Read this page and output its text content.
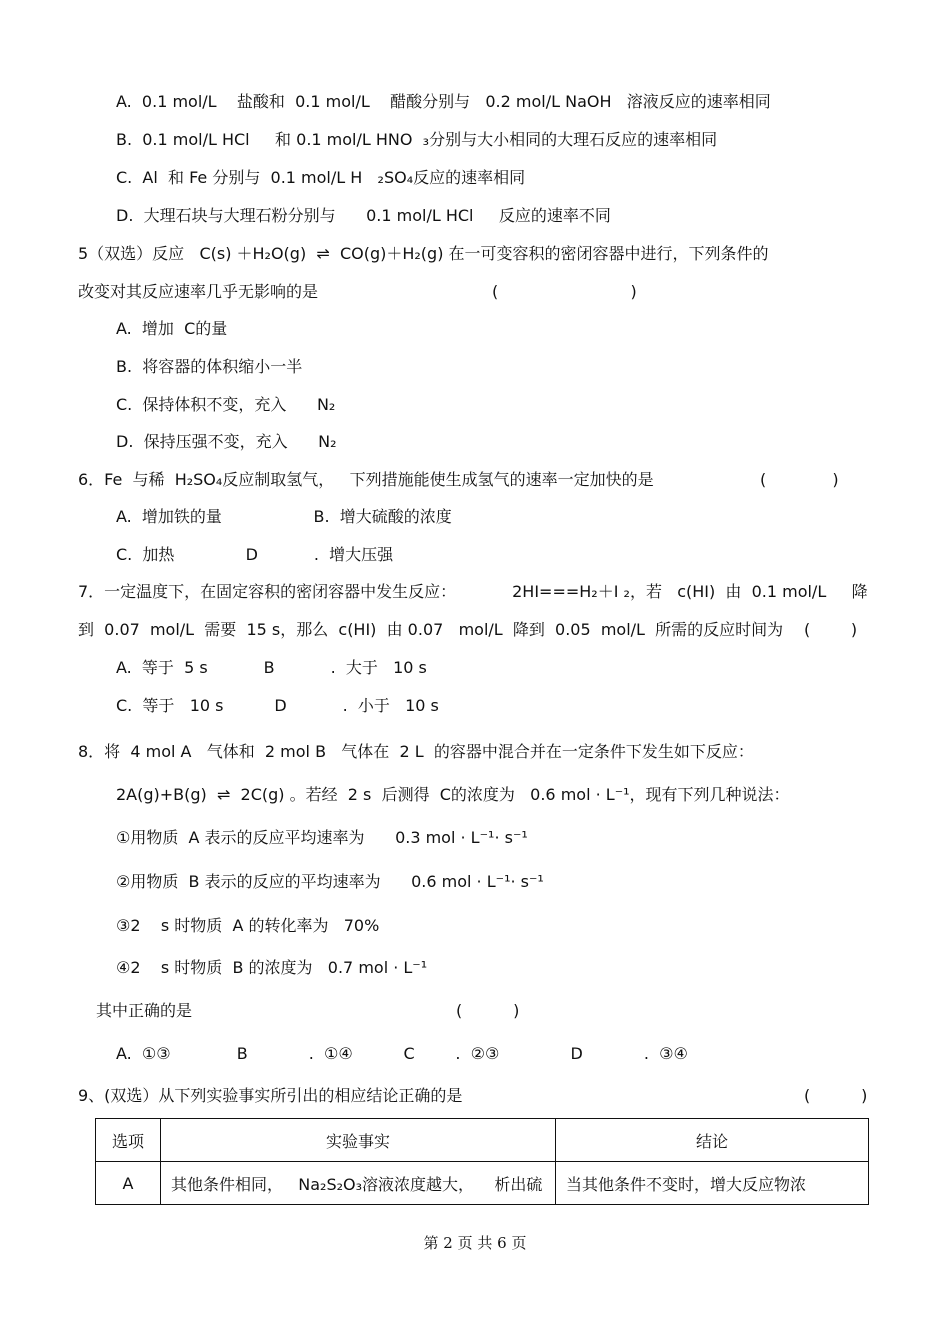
A.  0.1 mol/L    盐酸和  0.1 mol/L    醋酸分别与   0.2 mol/L NaOH   溶液反应的速率相同
B.  0.1 mol/L HCl     和 0.1 mol/L HNO  ₃分别与大小相同的大理石反应的速率相同
C.  Al  和 Fe 分别与  0.1 mol/L H   ₂SO₄反应的速率相同
D.  大理石块与大理石粉分别与      0.1 mol/L HCl     反应的速率不同
5（双选）反应   C(s) ＋H₂O(g)  ⇌  CO(g)＋H₂(g) 在一可变容积的密闭容器中进行，下列条件的
改变对其反应速率几乎无影响的是	(                          )
A.  增加  C的量
B.  将容器的体积缩小一半
C.  保持体积不变，充入      N₂
D.  保持压强不变，充入      N₂
6．Fe  与稀  H₂SO₄反应制取氢气，   下列措施能使生成氢气的速率一定加快的是	(             )
A.  增加铁的量                  B.  增大硫酸的浓度
C.  加热              D           .  增大压强
7．一定温度下，在固定容积的密闭容器中发生反应：           2HI===H₂＋I ₂，若   c(HI)  由  0.1 mol/L     降
到  0.07  mol/L  需要  15 s，那么  c(HI)  由 0.07   mol/L  降到  0.05  mol/L  所需的反应时间为 (        )
A.  等于  5 s           B           .  大于   10 s
C.  等于   10 s          D           .  小于   10 s
8．将  4 mol A   气体和  2 mol B   气体在  2 L  的容器中混合并在一定条件下发生如下反应：
2A(g)+B(g)  ⇌  2C(g) 。若经  2 s  后测得  C的浓度为   0.6 mol · L⁻¹，现有下列几种说法：
①用物质  A 表示的反应平均速率为      0.3 mol · L⁻¹· s⁻¹
②用物质  B 表示的反应的平均速率为      0.6 mol · L⁻¹· s⁻¹
③2    s 时物质  A 的转化率为   70%
④2    s 时物质  B 的浓度为   0.7 mol · L⁻¹
其中正确的是	(          )
A.  ①③             B            .  ①④          C        .  ②③              D            .  ③④
9、(双选）从下列实验事实所引出的相应结论正确的是	(          )
选项	实验事实	结论
A	其他条件相同，   Na₂S₂O₃溶液浓度越大，    析出硫	当其他条件不变时，增大反应物浓
第 2 页 共 6 页
